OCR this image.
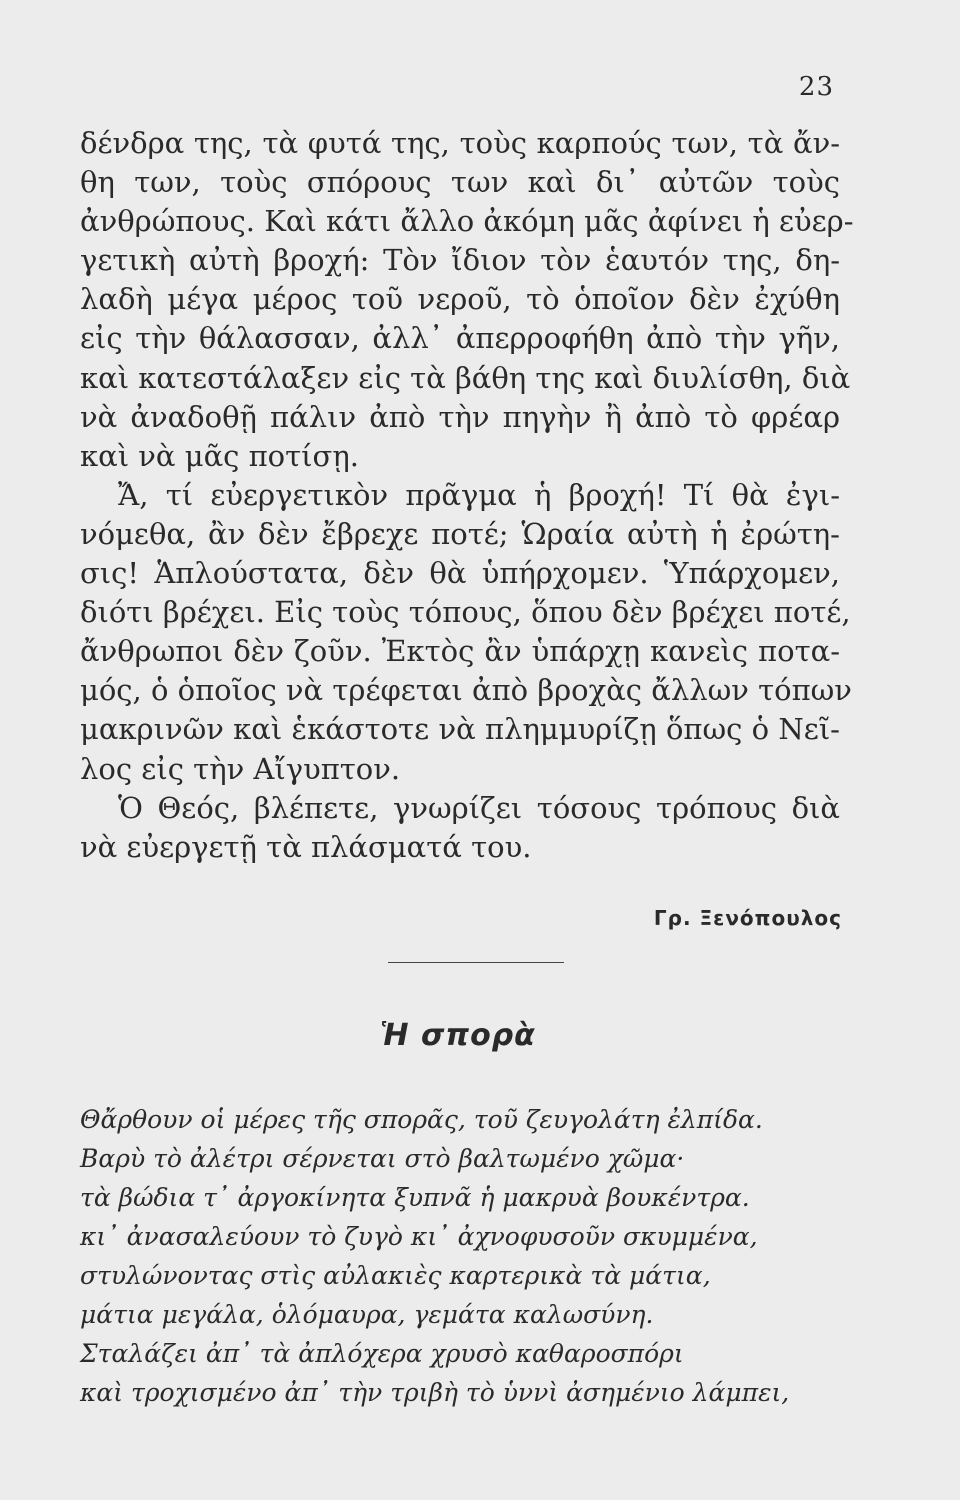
23
δένδρα της, τὰ φυτά της, τοὺς καρπούς των, τὰ ἄν-
θη των, τοὺς σπόρους των καὶ δι᾽ αὐτῶν τοὺς
ἀνθρώπους. Καὶ κάτι ἄλλο ἀκόμη μᾶς ἀφίνει ἡ εὐερ-
γετικὴ αὐτὴ βροχή: Τὸν ἴδιον τὸν ἑαυτόν της, δη-
λαδὴ μέγα μέρος τοῦ νεροῦ, τὸ ὁποῖον δὲν ἐχύθη
εἰς τὴν θάλασσαν, ἀλλ᾽ ἀπερροφήθη ἀπὸ τὴν γῆν,
καὶ κατεστάλαξεν εἰς τὰ βάθη της καὶ διυλίσθη, διὰ
νὰ ἀναδοθῇ πάλιν ἀπὸ τὴν πηγὴν ἢ ἀπὸ τὸ φρέαρ
καὶ νὰ μᾶς ποτίσῃ.
Ἄ, τί εὐεργετικὸν πρᾶγμα ἡ βροχή! Τί θὰ ἐγι-
νόμεθα, ἂν δὲν ἔβρεχε ποτέ; Ὡραία αὐτὴ ἡ ἐρώτη-
σις! Ἁπλούστατα, δὲν θὰ ὑπήρχομεν. Ὑπάρχομεν,
διότι βρέχει. Εἰς τοὺς τόπους, ὅπου δὲν βρέχει ποτέ,
ἄνθρωποι δὲν ζοῦν. Ἐκτὸς ἂν ὑπάρχῃ κανεὶς ποτα-
μός, ὁ ὁποῖος νὰ τρέφεται ἀπὸ βροχὰς ἄλλων τόπων
μακρινῶν καὶ ἑκάστοτε νὰ πλημμυρίζῃ ὅπως ὁ Νεῖ-
λος εἰς τὴν Αἴγυπτον.
Ὁ Θεός, βλέπετε, γνωρίζει τόσους τρόπους διὰ
νὰ εὐεργετῇ τὰ πλάσματά του.
Γρ. Ξενόπουλος
Ἡ σπορὰ
Θἄρθουν οἱ μέρες τῆς σπορᾶς, τοῦ ζευγολάτη ἐλπίδα.
Βαρὺ τὸ ἀλέτρι σέρνεται στὸ βαλτωμένο χῶμα·
τὰ βώδια τ᾽ ἀργοκίνητα ξυπνᾶ ἡ μακρυὰ βουκέντρα.
κι᾽ ἀνασαλεύουν τὸ ζυγὸ κι᾽ ἀχνοφυσοῦν σκυμμένα,
στυλώνοντας στὶς αὐλακιὲς καρτερικὰ τὰ μάτια,
μάτια μεγάλα, ὁλόμαυρα, γεμάτα καλωσύνη.
Σταλάζει ἀπ᾽ τὰ ἀπλόχερα χρυσὸ καθαροσπόρι
καὶ τροχισμένο ἀπ᾽ τὴν τριβὴ τὸ ὑννὶ ἀσημένιο λάμπει,
